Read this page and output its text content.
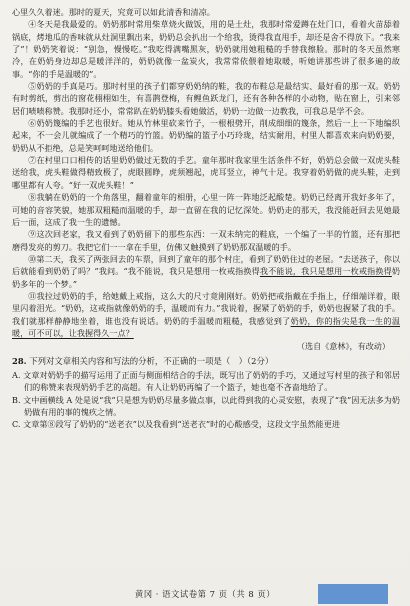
心里久久着迷。那时的夏天，究竟可以如此清香和清凉。

④冬天是我最爱的。奶奶那时常用柴草烧火做饭，用的是土灶，我那时常爱蹲在灶门口，看着火苗舔着锅底，烤地瓜的香味就从灶洞里飘出来，奶奶总会扒出一个给我，烫得我直甩手，却还是舍不得放下。“我来了”！奶奶笑着说：“别急，慢慢吃。”我吃得满嘴黑灰，奶奶就用她粗糙的手替我擦脸。那时的冬天虽然寒冷，在奶奶身边却总是暖洋洋的，奶奶就像一盆炭火，我常常依偎着她取暖，听她讲那些讲了很多遍的故事。“你的手是温暖的”。

⑤奶奶的手真是巧。那时村里的孩子们都穿奶奶纳的鞋，我的布鞋总是最结实、最好看的那一双。奶奶有时剪纸，剪出的窗花栩栩如生，有喜鹊登梅，有鲤鱼跃龙门，还有各种各样的小动物，贴在窗上，引来邻居们啧啧称赞。我那时还小，常常趴在奶奶膝头看她做活，奶奶一边做一边教我，可我总是学不会。

⑥奶奶篾编的手艺也很好。她从竹林里砍来竹子，一根根劈开，削成细细的篾条，然后一上一下地编织起来，不一会儿就编成了一个精巧的竹篮。奶奶编的篮子小巧玲珑，结实耐用，村里人都喜欢来向奶奶要，奶奶从不拒绝，总是笑呵呵地送给他们。

⑦在村里口口相传的话里奶奶做过无数的手艺。童年那时我家里生活条件不好，奶奶总会做一双虎头鞋送给我，虎头鞋做得精致极了，虎眼圆睁，虎须翘起，虎耳竖立，神气十足。我穿着奶奶做的虎头鞋，走到哪里都有人夸。“好一双虎头鞋！”

⑧我躺在奶奶的一个角落里，翻着童年的相册，心里一阵一阵地泛起酸楚。奶奶已经离开我好多年了，可她的音容笑貌，她那双粗糙而温暖的手，却一直留在我的记忆深处。奶奶走的那天，我没能赶回去见她最后一面，这成了我一生的遗憾。

⑨这次回老家，我又看到了奶奶留下的那些东西：一双未纳完的鞋底，一个编了一半的竹篮，还有那把磨得发亮的剪刀。我把它们一一拿在手里，仿佛又触摸到了奶奶那双温暖的手。

⑩第二天，我买了两张回去的车票，回到了童年的那个村庄，看到了奶奶住过的老屋。“去送孩子，你以后就能看到奶奶了吗？”我问。“我不能说，我只是想用一枚戒指换得我不能说，我只是想用一枚戒指换得奶奶多年的一个梦。”

⑪我拉过奶奶的手，给她戴上戒指，这么大的尺寸竟刚刚好。奶奶把戒指戴在手指上，仔细端详着，眼里闪着泪光。“奶奶，这戒指就像奶奶的手，温暖而有力。”我说着，握紧了奶奶的手，奶奶也握紧了我的手。我们就那样静静地坐着，谁也没有说话。奶奶的手温暖而粗糙，我感觉到了奶奶，你的指尖是我一生的温暖，可不可以，让我握得久一点？

（选自《意林》，有改动）
28. 下列对文章相关内容和写法的分析，不正确的一项是（　）（2分）

A. 文章对奶奶手的描写运用了正面与侧面相结合的手法，既写出了奶奶的手巧，又通过写村里的孩子和邻居们的称赞来表现奶奶手艺的高超。有人让奶奶再编了一个篮子，她也毫不吝啬地给了。

B. 文中画横线 A 处是说“我”只是想为奶奶尽量多做点事，以此得到我的心灵安慰，表现了“我”因无法多为奶奶做有用的事的愧疚之情。

C. 文章第⑧段写了奶奶的“送老衣”以及我看到“送老衣”时的心酸感受，这段文字虽然能更进

黄冈 · 语文试卷第 7 页（共 8 页）
